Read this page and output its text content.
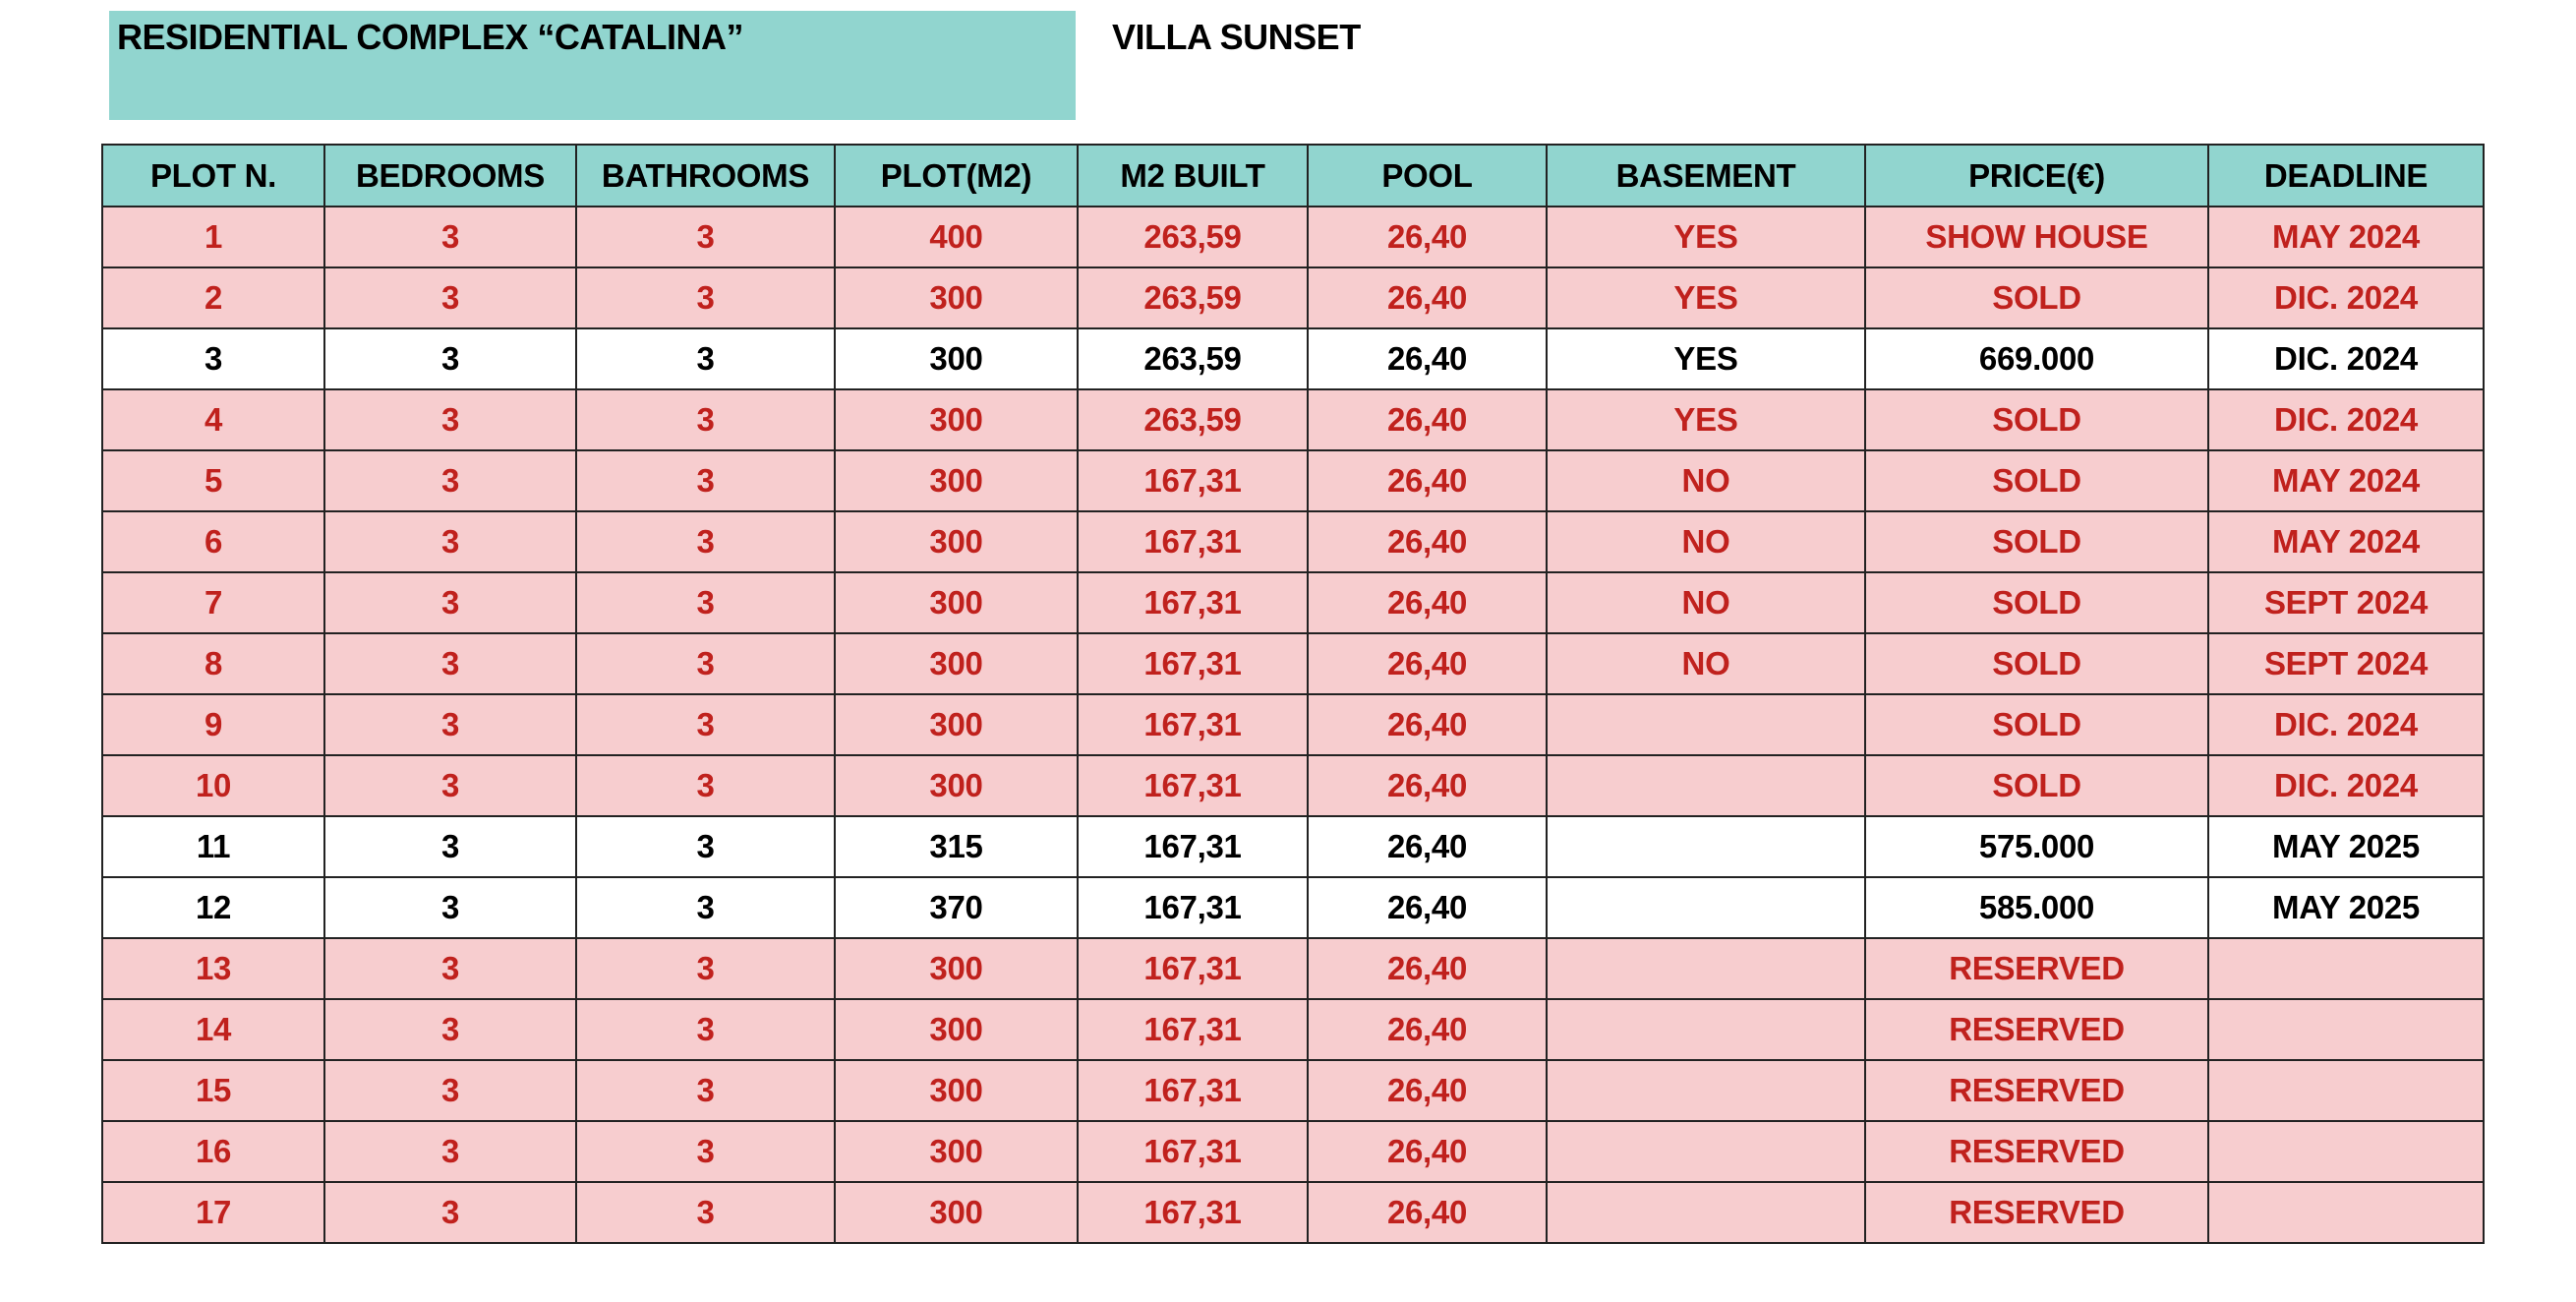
RESIDENTIAL COMPLEX “CATALINA”	VILLA SUNSET
PLOT N.	BEDROOMS	BATHROOMS	PLOT(M2)	M2 BUILT	POOL	BASEMENT	PRICE(€)	DEADLINE
1	3	3	400	263,59	26,40	YES	SHOW HOUSE	MAY 2024
2	3	3	300	263,59	26,40	YES	SOLD	DIC. 2024
3	3	3	300	263,59	26,40	YES	669.000	DIC. 2024
4	3	3	300	263,59	26,40	YES	SOLD	DIC. 2024
5	3	3	300	167,31	26,40	NO	SOLD	MAY 2024
6	3	3	300	167,31	26,40	NO	SOLD	MAY 2024
7	3	3	300	167,31	26,40	NO	SOLD	SEPT 2024
8	3	3	300	167,31	26,40	NO	SOLD	SEPT 2024
9	3	3	300	167,31	26,40		SOLD	DIC. 2024
10	3	3	300	167,31	26,40		SOLD	DIC. 2024
11	3	3	315	167,31	26,40		575.000	MAY 2025
12	3	3	370	167,31	26,40		585.000	MAY 2025
13	3	3	300	167,31	26,40		RESERVED	
14	3	3	300	167,31	26,40		RESERVED	
15	3	3	300	167,31	26,40		RESERVED	
16	3	3	300	167,31	26,40		RESERVED	
17	3	3	300	167,31	26,40		RESERVED	
